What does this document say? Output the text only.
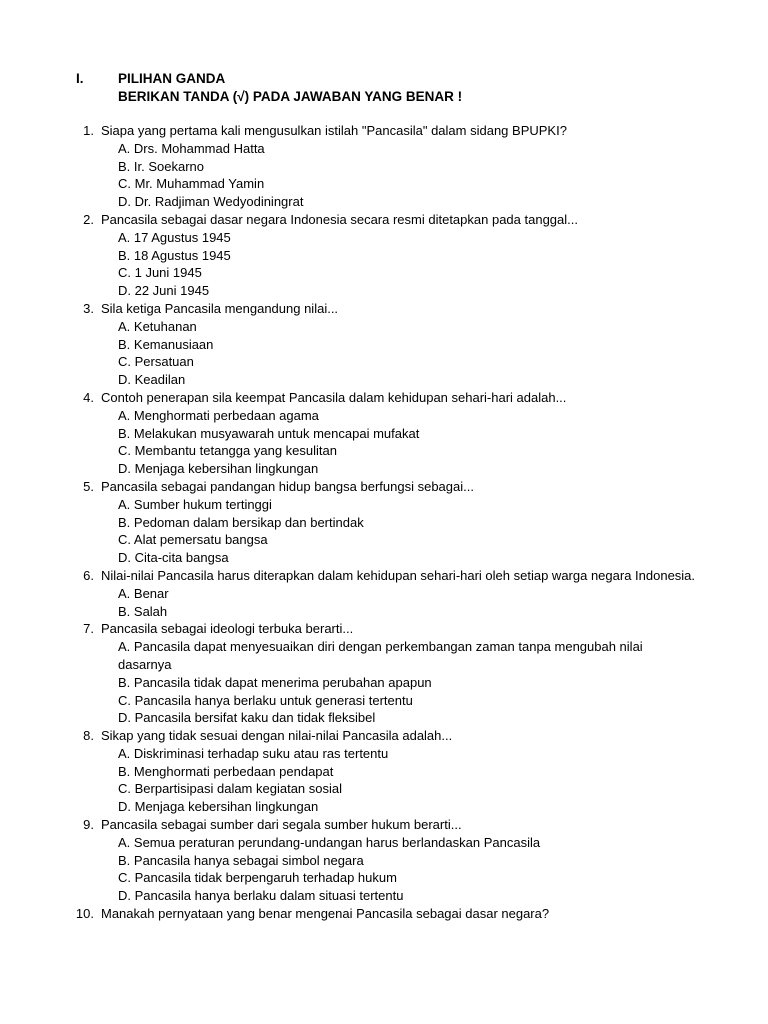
I.	PILIHAN GANDA
BERIKAN TANDA (√) PADA JAWABAN YANG BENAR !
1. Siapa yang pertama kali mengusulkan istilah "Pancasila" dalam sidang BPUPKI?
A. Drs. Mohammad Hatta
B. Ir. Soekarno
C. Mr. Muhammad Yamin
D. Dr. Radjiman Wedyodiningrat
2. Pancasila sebagai dasar negara Indonesia secara resmi ditetapkan pada tanggal...
A. 17 Agustus 1945
B. 18 Agustus 1945
C. 1 Juni 1945
D. 22 Juni 1945
3. Sila ketiga Pancasila mengandung nilai...
A. Ketuhanan
B. Kemanusiaan
C. Persatuan
D. Keadilan
4. Contoh penerapan sila keempat Pancasila dalam kehidupan sehari-hari adalah...
A. Menghormati perbedaan agama
B. Melakukan musyawarah untuk mencapai mufakat
C. Membantu tetangga yang kesulitan
D. Menjaga kebersihan lingkungan
5. Pancasila sebagai pandangan hidup bangsa berfungsi sebagai...
A. Sumber hukum tertinggi
B. Pedoman dalam bersikap dan bertindak
C. Alat pemersatu bangsa
D. Cita-cita bangsa
6. Nilai-nilai Pancasila harus diterapkan dalam kehidupan sehari-hari oleh setiap warga negara Indonesia.
A. Benar
B. Salah
7. Pancasila sebagai ideologi terbuka berarti...
A. Pancasila dapat menyesuaikan diri dengan perkembangan zaman tanpa mengubah nilai dasarnya
B. Pancasila tidak dapat menerima perubahan apapun
C. Pancasila hanya berlaku untuk generasi tertentu
D. Pancasila bersifat kaku dan tidak fleksibel
8. Sikap yang tidak sesuai dengan nilai-nilai Pancasila adalah...
A. Diskriminasi terhadap suku atau ras tertentu
B. Menghormati perbedaan pendapat
C. Berpartisipasi dalam kegiatan sosial
D. Menjaga kebersihan lingkungan
9. Pancasila sebagai sumber dari segala sumber hukum berarti...
A. Semua peraturan perundang-undangan harus berlandaskan Pancasila
B. Pancasila hanya sebagai simbol negara
C. Pancasila tidak berpengaruh terhadap hukum
D. Pancasila hanya berlaku dalam situasi tertentu
10. Manakah pernyataan yang benar mengenai Pancasila sebagai dasar negara?
